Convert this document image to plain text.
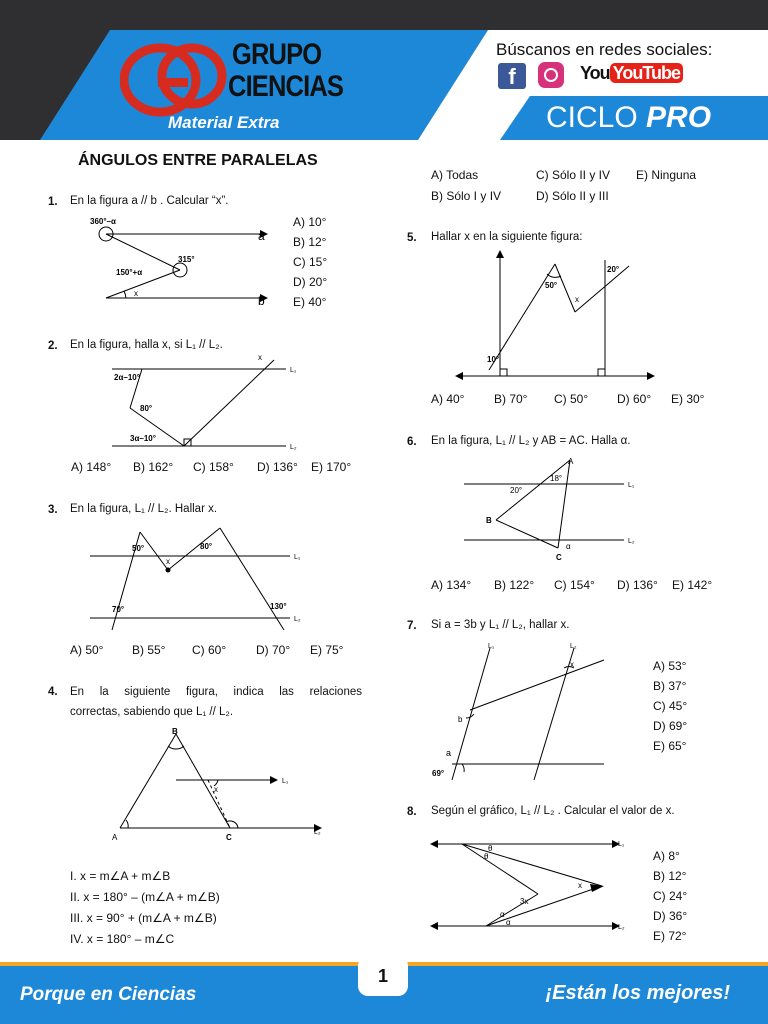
GRUPO
CIENCIAS
Material Extra
Búscanos en redes sociales:
f	You YouTube
CICLO PRO
ÁNGULOS ENTRE PARALELAS
1. En la figura a // b . Calcular “x”.
360°–α
315°
150°+α
x
a
b
A) 10°
B) 12°
C) 15°
D) 20°
E) 40°
2. En la figura, halla x, si L₁ // L₂.
2α–10°
80°
3α–10°
x
L₁
L₂
A) 148° B) 162° C) 158° D) 136° E) 170°
3. En la figura, L₁ // L₂. Hallar x.
50°	80°
70°	130°
x	L₁
L₂
A) 50° B) 55° C) 60° D) 70° E) 75°
4. En la siguiente figura, indica las relaciones
correctas, sabiendo que L₁ // L₂.
B
A	C
x
L₁
L₂
I. x = m∠A + m∠B
II. x = 180° – (m∠A + m∠B)
III. x = 90° + (m∠A + m∠B)
IV. x = 180° – m∠C
A) Todas	C) Sólo II y IV E) Ninguna
B) Sólo I y IV	D) Sólo II y III
5. Hallar x en la siguiente figura:
50°
20°
10°
x
A) 40° B) 70° C) 50° D) 60° E) 30°
6. En la figura, L₁ // L₂ y AB = AC. Halla α.
A
B
C
20°
18°
α
L₁
L₂
A) 134° B) 122° C) 154° D) 136° E) 142°
7. Si a = 3b y L₁ // L₂, hallar x.
L₁	L₂
b
a
x
69°
A) 53°
B) 37°
C) 45°
D) 69°
E) 65°
8. Según el gráfico, L₁ // L₂ . Calcular el valor de x.
θ
θ
3x
x
α
α
L₁
L₂
A) 8°
B) 12°
C) 24°
D) 36°
E) 72°
Porque en Ciencias	¡Están los mejores!
1
